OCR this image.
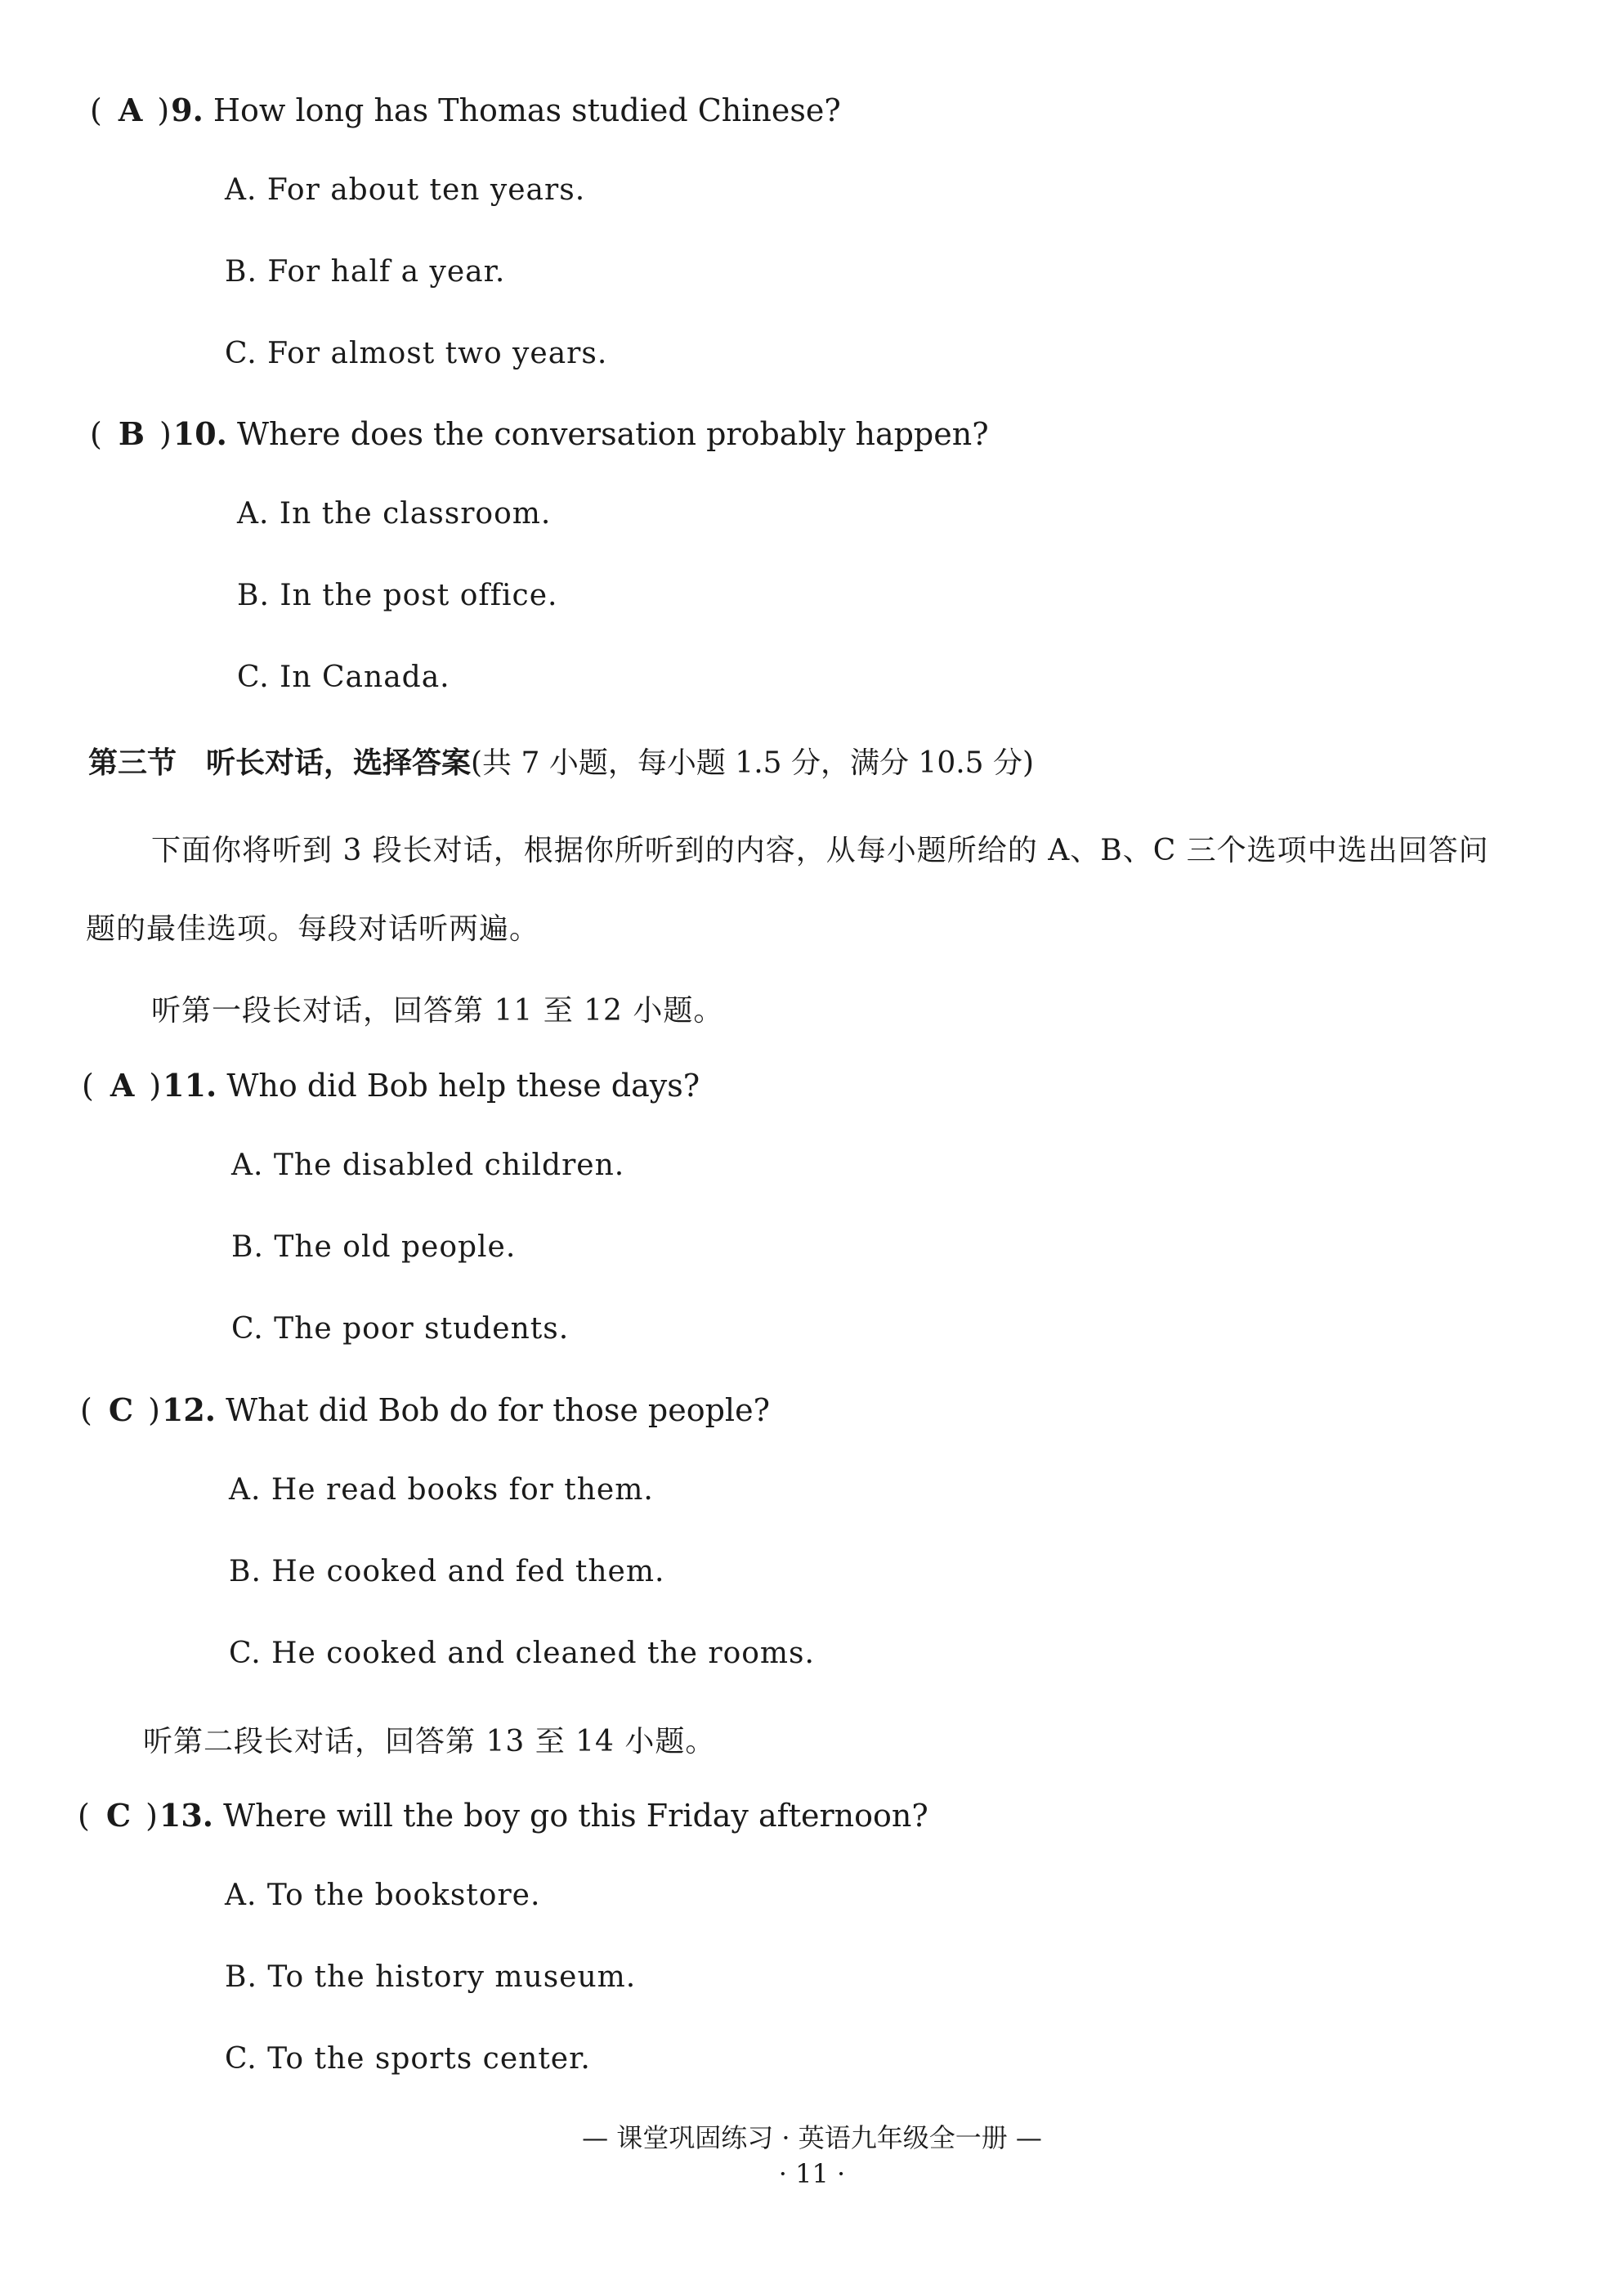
( A )9. How long has Thomas studied Chinese?
A. For about ten years.
B. For half a year.
C. For almost two years.
( B )10. Where does the conversation probably happen?
A. In the classroom.
B. In the post office.
C. In Canada.
第三节　听长对话，选择答案(共 7 小题，每小题 1.5 分，满分 10.5 分)
下面你将听到 3 段长对话，根据你所听到的内容，从每小题所给的 A、B、C 三个选项中选出回答问
题的最佳选项。每段对话听两遍。
听第一段长对话，回答第 11 至 12 小题。
( A )11. Who did Bob help these days?
A. The disabled children.
B. The old people.
C. The poor students.
( C )12. What did Bob do for those people?
A. He read books for them.
B. He cooked and fed them.
C. He cooked and cleaned the rooms.
听第二段长对话，回答第 13 至 14 小题。
( C )13. Where will the boy go this Friday afternoon?
A. To the bookstore.
B. To the history museum.
C. To the sports center.
— 课堂巩固练习 · 英语九年级全一册 —
· 11 ·
